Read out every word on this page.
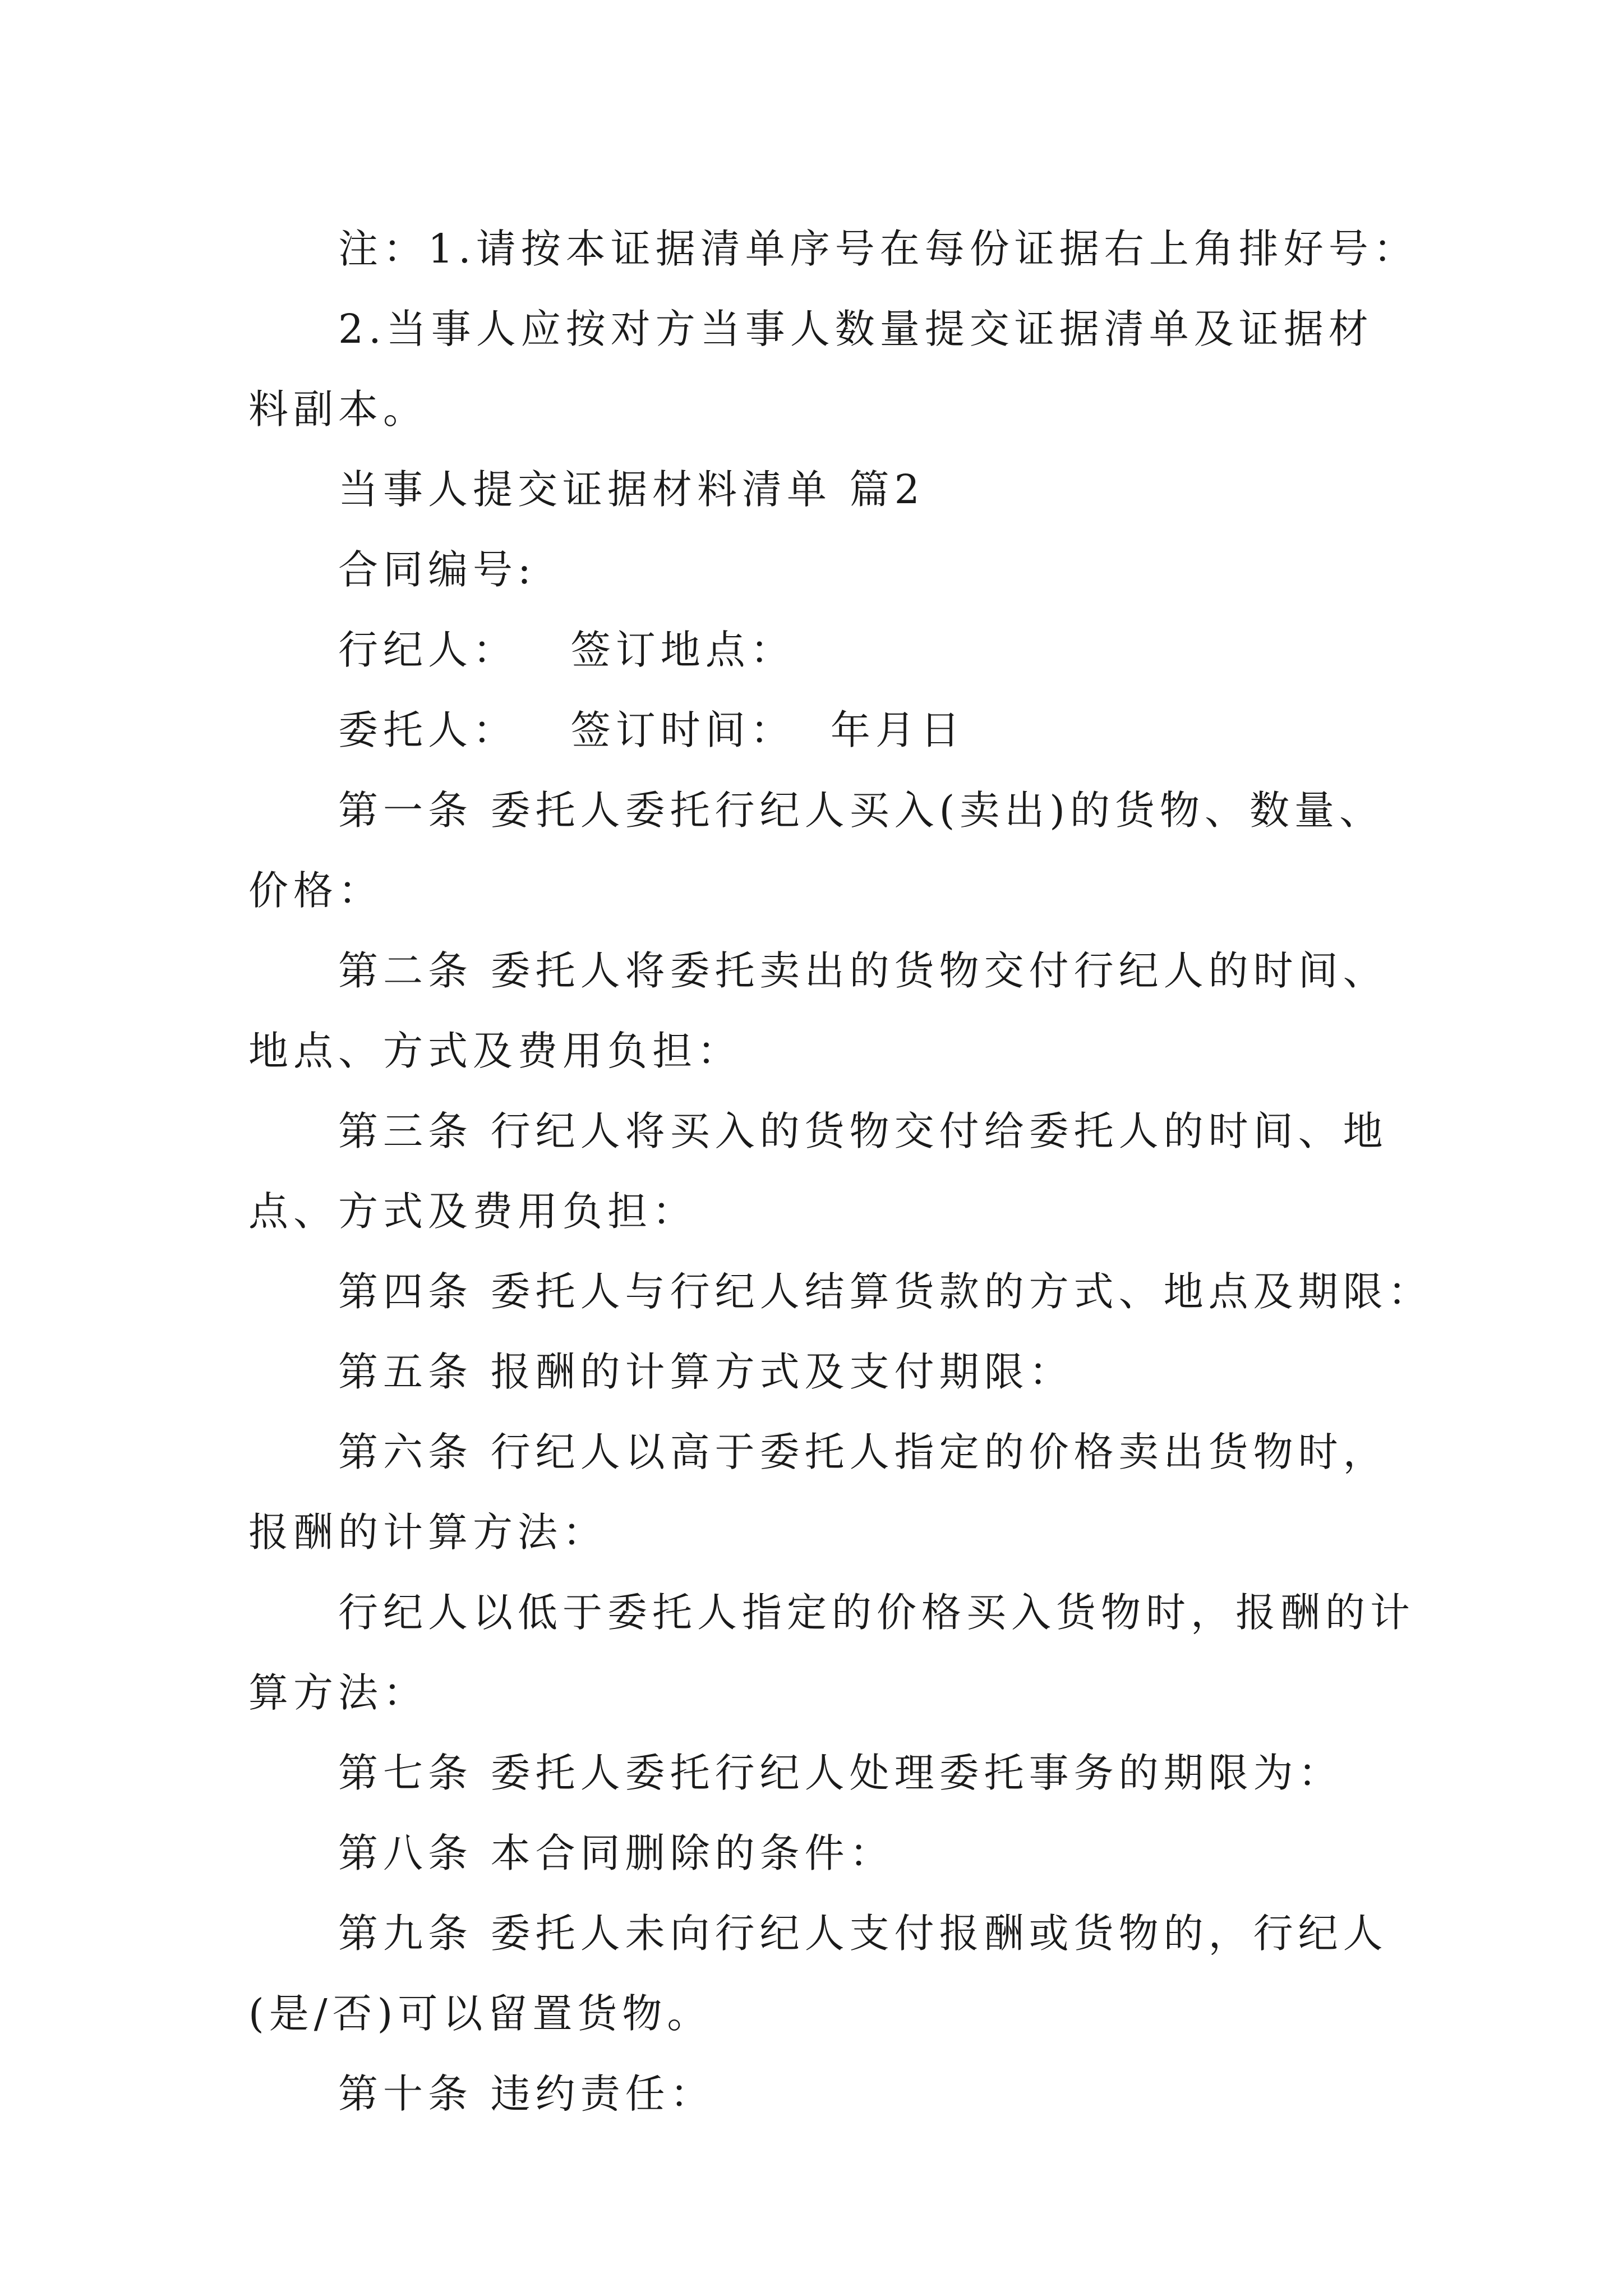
注：1.请按本证据清单序号在每份证据右上角排好号：
2.当事人应按对方当事人数量提交证据清单及证据材
料副本。
当事人提交证据材料清单 篇2
合同编号:
行纪人：   签订地点：
委托人：   签订时间：  年月日
第一条 委托人委托行纪人买入(卖出)的货物、数量、
价格：
第二条 委托人将委托卖出的货物交付行纪人的时间、
地点、方式及费用负担：
第三条 行纪人将买入的货物交付给委托人的时间、地
点、方式及费用负担：
第四条 委托人与行纪人结算货款的方式、地点及期限：
第五条 报酬的计算方式及支付期限：
第六条 行纪人以高于委托人指定的价格卖出货物时，
报酬的计算方法：
行纪人以低于委托人指定的价格买入货物时，报酬的计
算方法：
第七条 委托人委托行纪人处理委托事务的期限为：
第八条 本合同删除的条件：
第九条 委托人未向行纪人支付报酬或货物的，行纪人
(是/否)可以留置货物。
第十条 违约责任：
